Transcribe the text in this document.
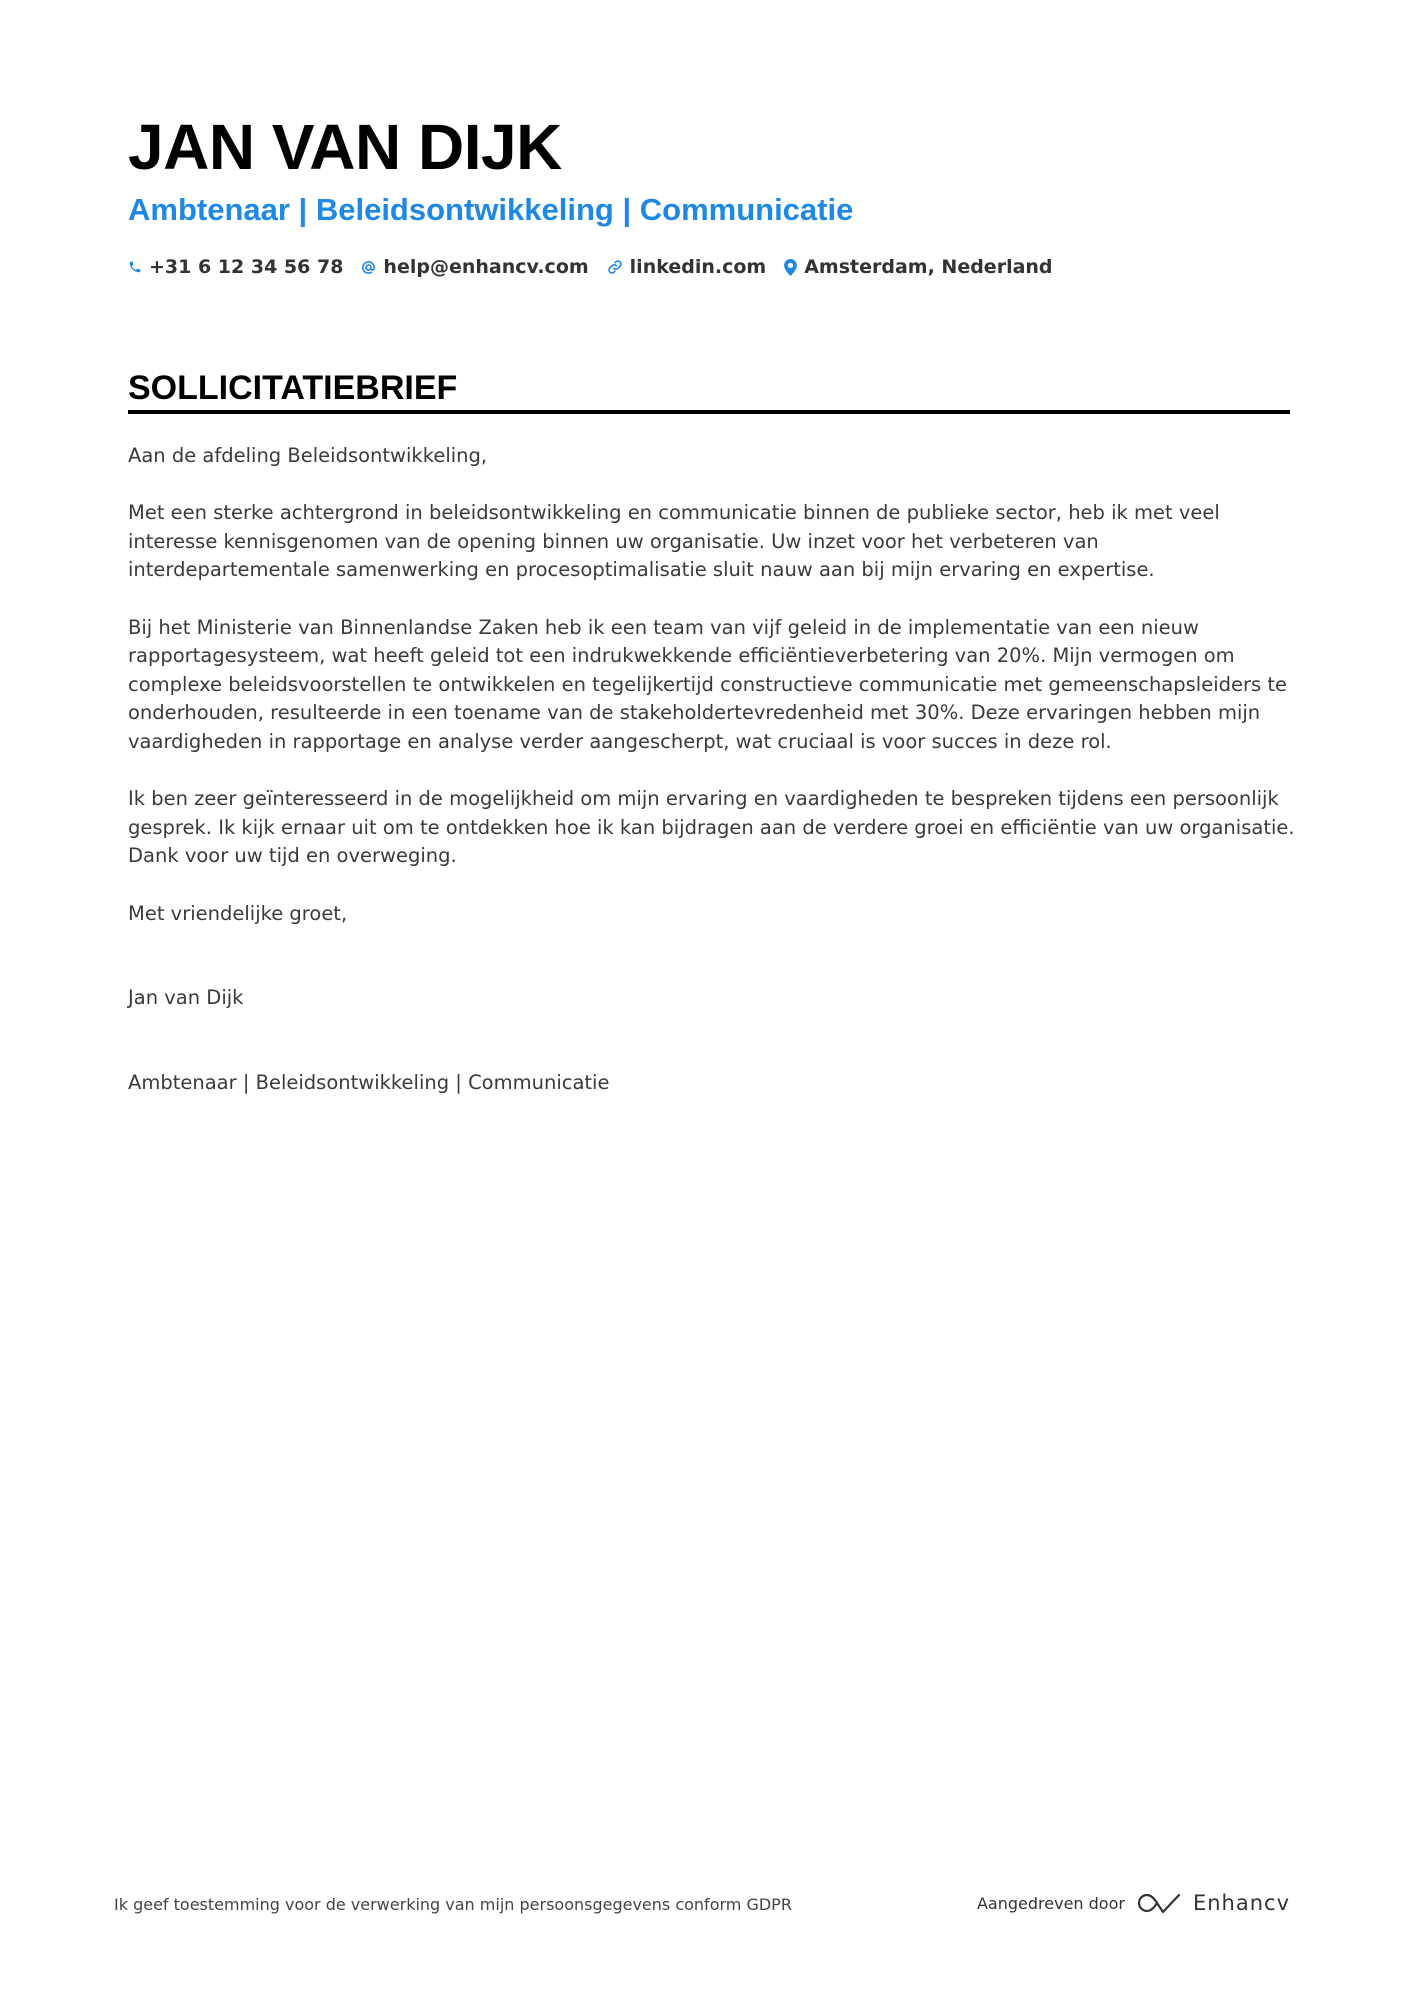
JAN VAN DIJK
Ambtenaar | Beleidsontwikkeling | Communicatie
+31 6 12 34 56 78 help@enhancv.com linkedin.com Amsterdam, Nederland
SOLLICITATIEBRIEF

Aan de afdeling Beleidsontwikkeling,

Met een sterke achtergrond in beleidsontwikkeling en communicatie binnen de publieke sector, heb ik met veel interesse kennisgenomen van de opening binnen uw organisatie. Uw inzet voor het verbeteren van interdepartementale samenwerking en procesoptimalisatie sluit nauw aan bij mijn ervaring en expertise.

Bij het Ministerie van Binnenlandse Zaken heb ik een team van vijf geleid in de implementatie van een nieuw rapportagesysteem, wat heeft geleid tot een indrukwekkende efficiëntieverbetering van 20%. Mijn vermogen om complexe beleidsvoorstellen te ontwikkelen en tegelijkertijd constructieve communicatie met gemeenschapsleiders te onderhouden, resulteerde in een toename van de stakeholdertevredenheid met 30%. Deze ervaringen hebben mijn vaardigheden in rapportage en analyse verder aangescherpt, wat cruciaal is voor succes in deze rol.

Ik ben zeer geïnteresseerd in de mogelijkheid om mijn ervaring en vaardigheden te bespreken tijdens een persoonlijk gesprek. Ik kijk ernaar uit om te ontdekken hoe ik kan bijdragen aan de verdere groei en efficiëntie van uw organisatie. Dank voor uw tijd en overweging.

Met vriendelijke groet,

Jan van Dijk

Ambtenaar | Beleidsontwikkeling | Communicatie

Ik geef toestemming voor de verwerking van mijn persoonsgegevens conform GDPR	Aangedreven door	Enhancv
